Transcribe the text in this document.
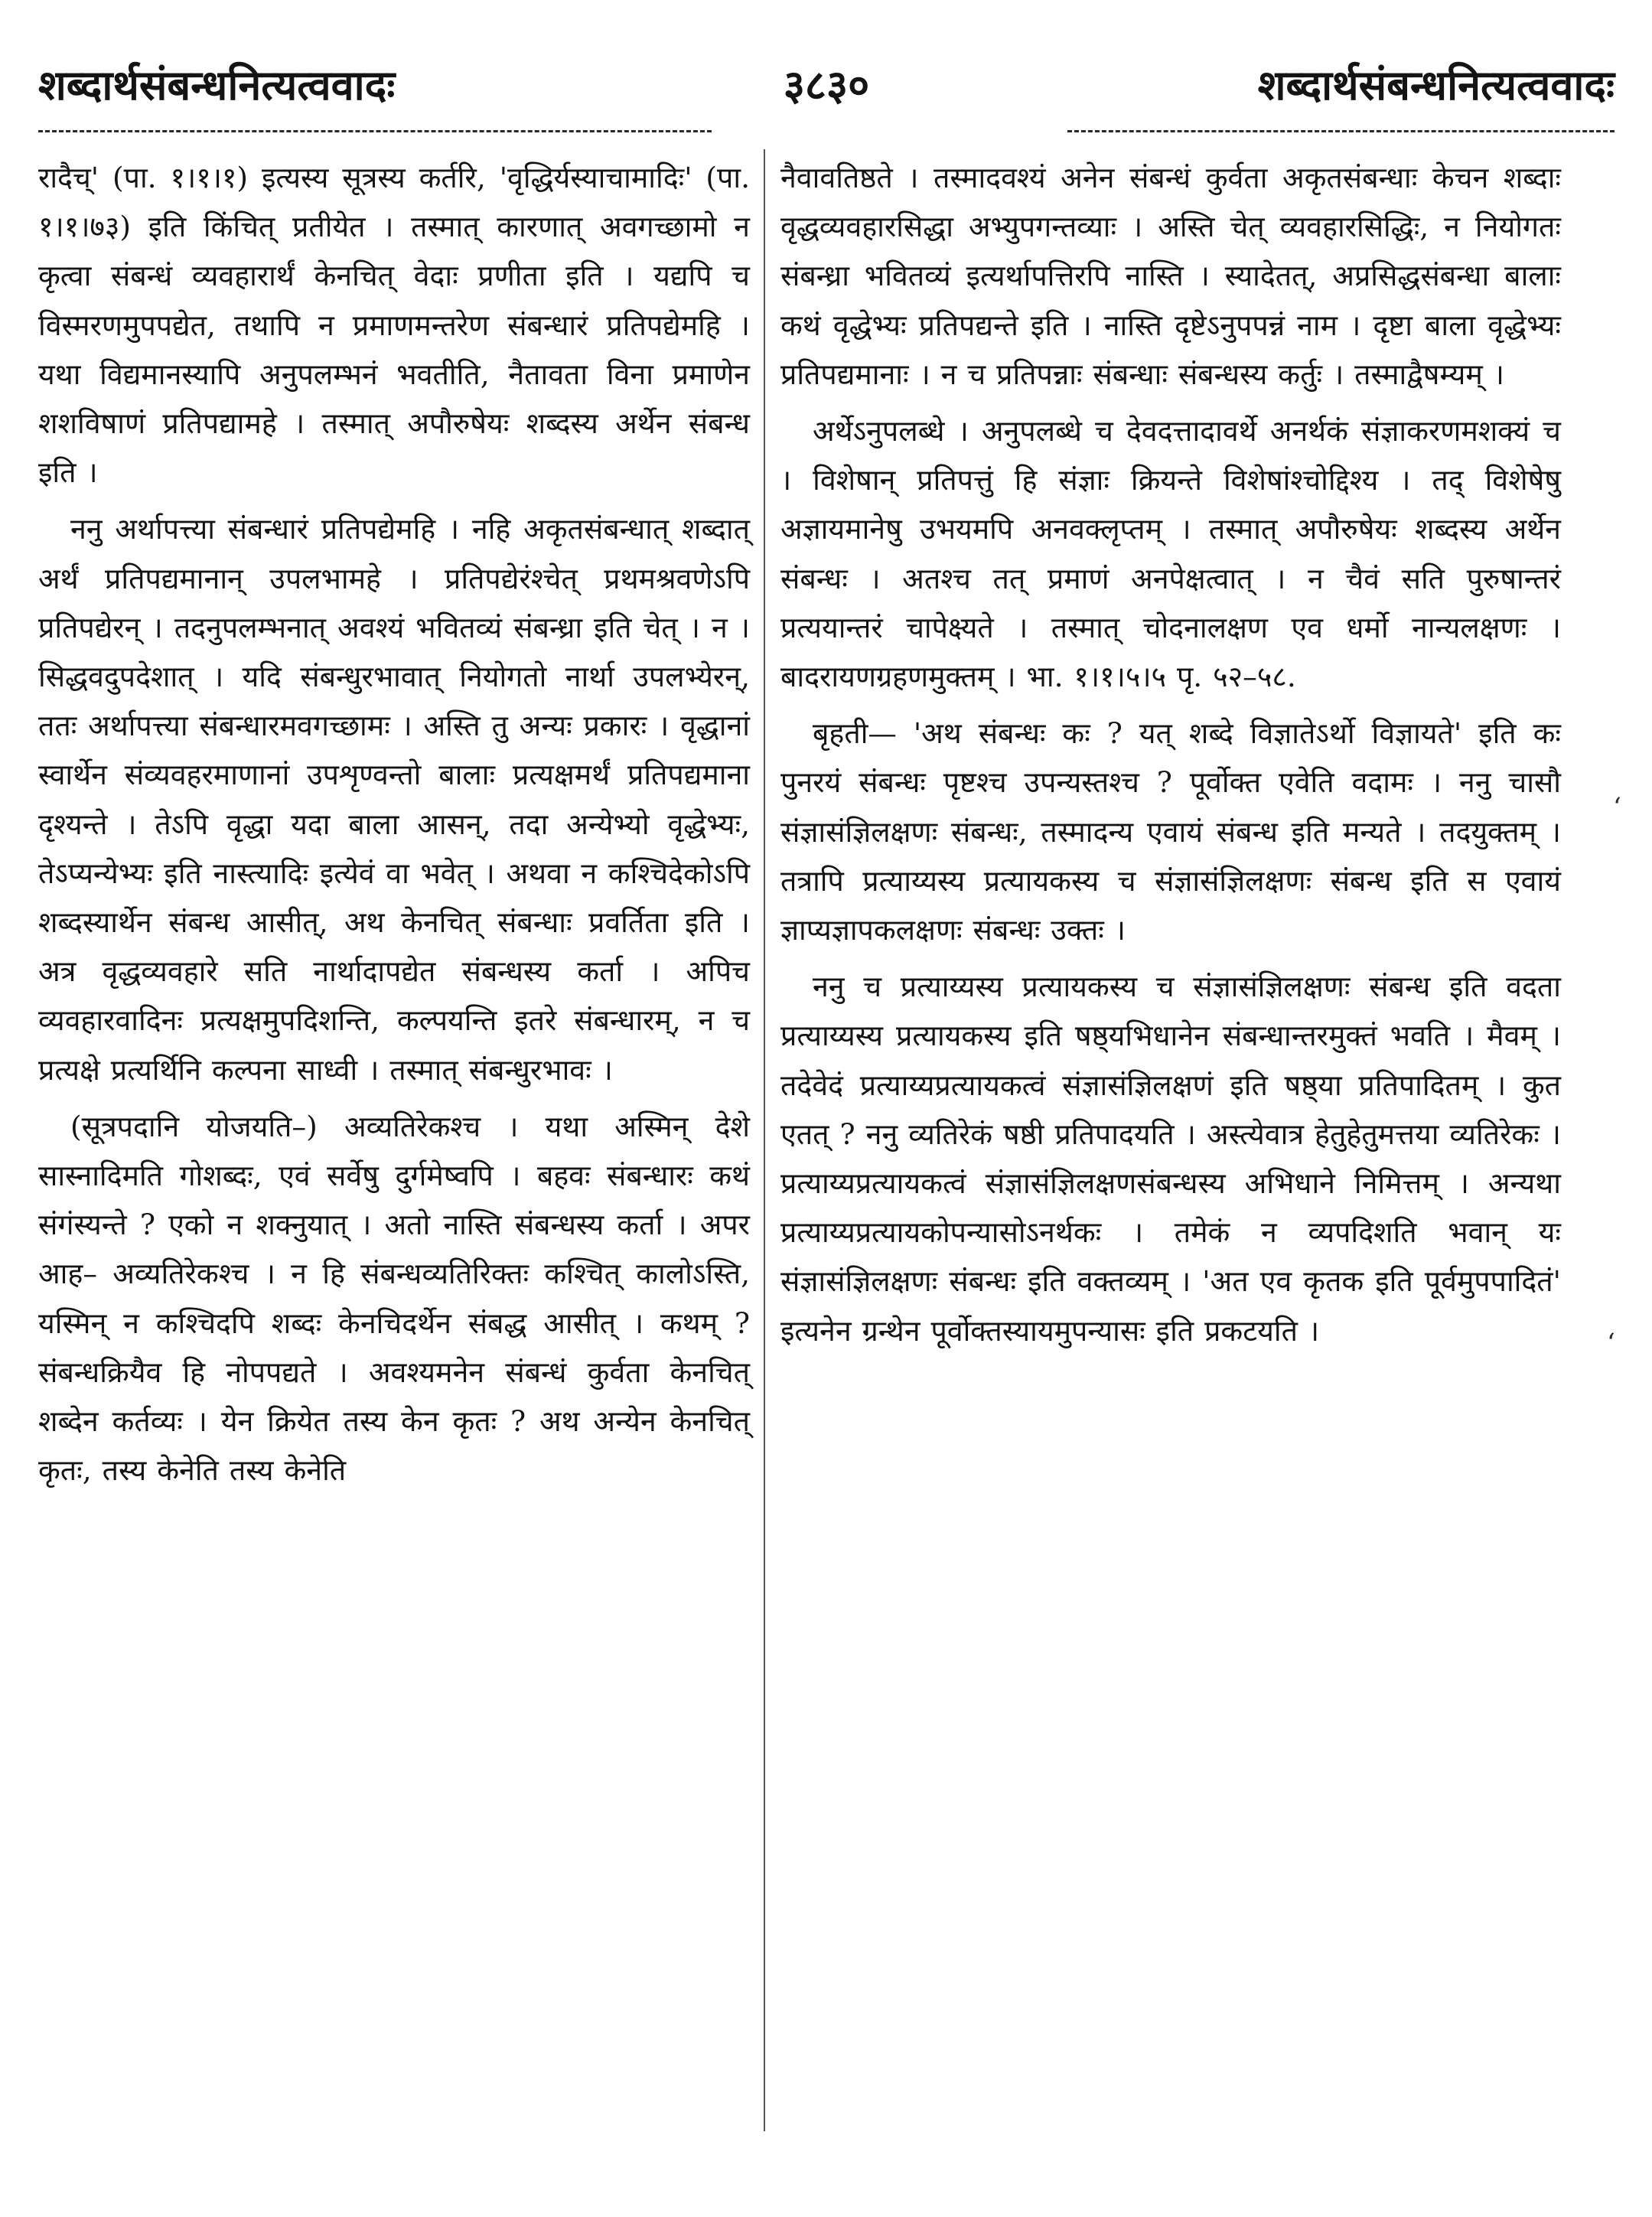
३८३०
शब्दार्थसंबन्धनित्यत्ववादः	शब्दार्थसंबन्धनित्यत्ववादः

रादैच्' (पा. १।१।१) इत्यस्य सूत्रस्य कर्तरि, 'वृद्धिर्यस्याचामादिः' (पा. १।१।७३) इति किंचित् प्रतीयेत । तस्मात् कारणात् अवगच्छामो न कृत्वा संबन्धं व्यवहारार्थं केनचित् वेदाः प्रणीता इति । यद्यपि च विस्मरणमुपपद्येत, तथापि न प्रमाणमन्तरेण संबन्धारं प्रतिपद्येमहि । यथा विद्यमानस्यापि अनुपलम्भनं भवतीति, नैतावता विना प्रमाणेन शशविषाणं प्रतिपद्यामहे । तस्मात् अपौरुषेयः शब्दस्य अर्थेन संबन्ध इति ।

ननु अर्थापत्त्या संबन्धारं प्रतिपद्येमहि । नहि अकृतसंबन्धात् शब्दात् अर्थं प्रतिपद्यमानान् उपलभामहे । प्रतिपद्येरंश्चेत् प्रथमश्रवणेऽपि प्रतिपद्येरन् । तदनुपलम्भनात् अवश्यं भवितव्यं संबन्ध्रा इति चेत् । न । सिद्धवदुपदेशात् । यदि संबन्धुरभावात् नियोगतो नार्था उपलभ्येरन्, ततः अर्थापत्त्या संबन्धारमवगच्छामः । अस्ति तु अन्यः प्रकारः । वृद्धानां स्वार्थेन संव्यवहरमाणानां उपशृण्वन्तो बालाः प्रत्यक्षमर्थं प्रतिपद्यमाना दृश्यन्ते । तेऽपि वृद्धा यदा बाला आसन्, तदा अन्येभ्यो वृद्धेभ्यः, तेऽप्यन्येभ्यः इति नास्त्यादिः इत्येवं वा भवेत् । अथवा न कश्चिदेकोऽपि शब्दस्यार्थेन संबन्ध आसीत्, अथ केनचित् संबन्धाः प्रवर्तिता इति । अत्र वृद्धव्यवहारे सति नार्थादापद्येत संबन्धस्य कर्ता । अपिच व्यवहारवादिनः प्रत्यक्षमुपदिशन्ति, कल्पयन्ति इतरे संबन्धारम्, न च प्रत्यक्षे प्रत्यर्थिनि कल्पना साध्वी । तस्मात् संबन्धुरभावः ।

(सूत्रपदानि योजयति–) अव्यतिरेकश्च । यथा अस्मिन् देशे सास्नादिमति गोशब्दः, एवं सर्वेषु दुर्गमेष्वपि । बहवः संबन्धारः कथं संगंस्यन्ते ? एको न शक्नुयात् । अतो नास्ति संबन्धस्य कर्ता । अपर आह– अव्यतिरेकश्च । न हि संबन्धव्यतिरिक्तः कश्चित् कालोऽस्ति, यस्मिन् न कश्चिदपि शब्दः केनचिदर्थेन संबद्ध आसीत् । कथम् ? संबन्धक्रियैव हि नोपपद्यते । अवश्यमनेन संबन्धं कुर्वता केनचित् शब्देन कर्तव्यः । येन क्रियेत तस्य केन कृतः ? अथ अन्येन केनचित् कृतः, तस्य केनेति तस्य केनेति

नैवावतिष्ठते । तस्मादवश्यं अनेन संबन्धं कुर्वता अकृतसंबन्धाः केचन शब्दाः वृद्धव्यवहारसिद्धा अभ्युपगन्तव्याः । अस्ति चेत् व्यवहारसिद्धिः, न नियोगतः संबन्ध्रा भवितव्यं इत्यर्थापत्तिरपि नास्ति । स्यादेतत्, अप्रसिद्धसंबन्धा बालाः कथं वृद्धेभ्यः प्रतिपद्यन्ते इति । नास्ति दृष्टेऽनुपपन्नं नाम । दृष्टा बाला वृद्धेभ्यः प्रतिपद्यमानाः । न च प्रतिपन्नाः संबन्धाः संबन्धस्य कर्तुः । तस्माद्वैषम्यम् ।

अर्थेऽनुपलब्धे । अनुपलब्धे च देवदत्तादावर्थे अनर्थकं संज्ञाकरणमशक्यं च । विशेषान् प्रतिपत्तुं हि संज्ञाः क्रियन्ते विशेषांश्चोद्दिश्य । तद् विशेषेषु अज्ञायमानेषु उभयमपि अनवक्लृप्तम् । तस्मात् अपौरुषेयः शब्दस्य अर्थेन संबन्धः । अतश्च तत् प्रमाणं अनपेक्षत्वात् । न चैवं सति पुरुषान्तरं प्रत्ययान्तरं चापेक्ष्यते । तस्मात् चोदनालक्षण एव धर्मो नान्यलक्षणः । बादरायणग्रहणमुक्तम् । भा. १।१।५।५ पृ. ५२–५८.

बृहती— 'अथ संबन्धः कः ? यत् शब्दे विज्ञातेऽर्थो विज्ञायते' इति कः पुनरयं संबन्धः पृष्टश्च उपन्यस्तश्च ? पूर्वोक्त एवेति वदामः । ननु चासौ संज्ञासंज्ञिलक्षणः संबन्धः, तस्मादन्य एवायं संबन्ध इति मन्यते । तदयुक्तम् । तत्रापि प्रत्याय्यस्य प्रत्यायकस्य च संज्ञासंज्ञिलक्षणः संबन्ध इति स एवायं ज्ञाप्यज्ञापकलक्षणः संबन्धः उक्तः ।

ननु च प्रत्याय्यस्य प्रत्यायकस्य च संज्ञासंज्ञिलक्षणः संबन्ध इति वदता प्रत्याय्यस्य प्रत्यायकस्य इति षष्ठ्यभिधानेन संबन्धान्तरमुक्तं भवति । मैवम् । तदेवेदं प्रत्याय्यप्रत्यायकत्वं संज्ञासंज्ञिलक्षणं इति षष्ठ्या प्रतिपादितम् । कुत एतत् ? ननु व्यतिरेकं षष्ठी प्रतिपादयति । अस्त्येवात्र हेतुहेतुमत्तया व्यतिरेकः । प्रत्याय्यप्रत्यायकत्वं संज्ञासंज्ञिलक्षणसंबन्धस्य अभिधाने निमित्तम् । अन्यथा प्रत्याय्यप्रत्यायकोपन्यासोऽनर्थकः । तमेकं न व्यपदिशति भवान् यः संज्ञासंज्ञिलक्षणः संबन्धः इति वक्तव्यम् । 'अत एव कृतक इति पूर्वमुपपादितं' इत्यनेन ग्रन्थेन पूर्वोक्तस्यायमुपन्यासः इति प्रकटयति ।

‘
‘
